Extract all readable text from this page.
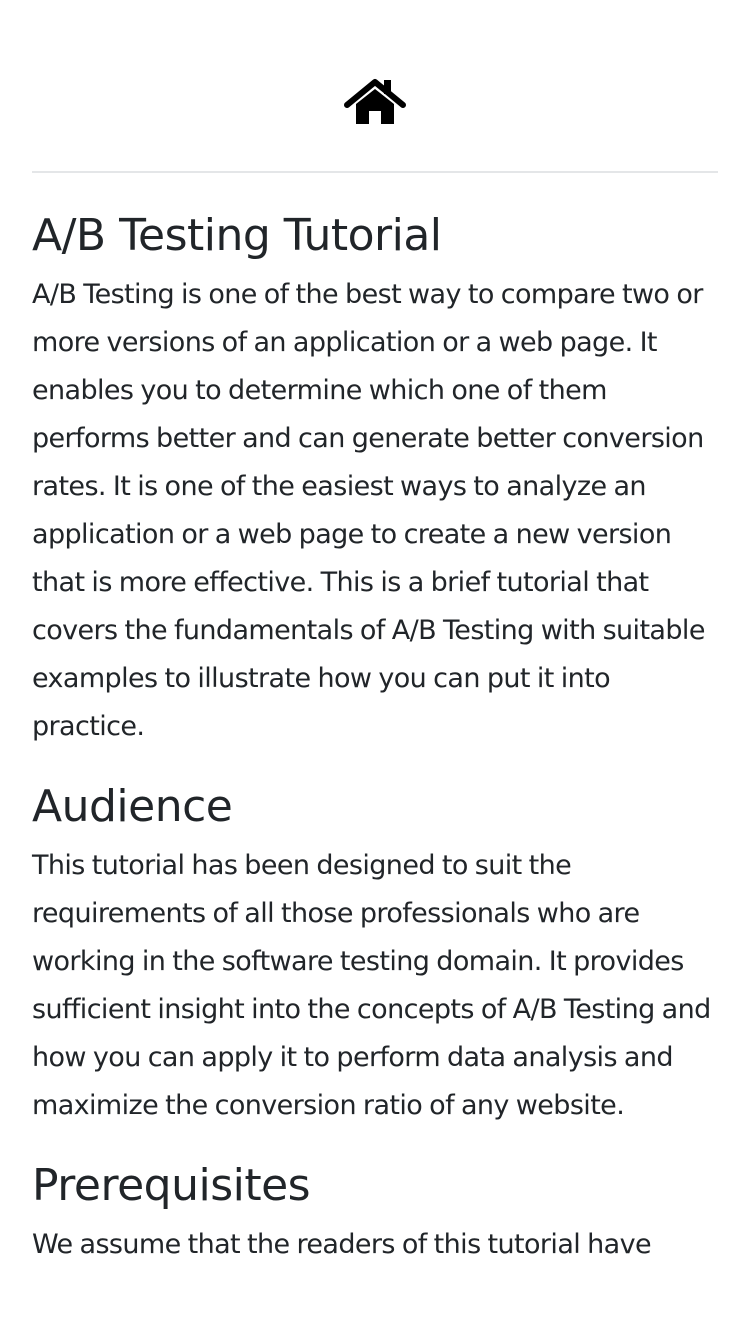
A/B Testing Tutorial

A/B Testing is one of the best way to compare two or more versions of an application or a web page. It enables you to determine which one of them performs better and can generate better conversion rates. It is one of the easiest ways to analyze an application or a web page to create a new version that is more effective. This is a brief tutorial that covers the fundamentals of A/B Testing with suitable examples to illustrate how you can put it into practice.

Audience

This tutorial has been designed to suit the requirements of all those professionals who are working in the software testing domain. It provides sufficient insight into the concepts of A/B Testing and how you can apply it to perform data analysis and maximize the conversion ratio of any website.

Prerequisites

We assume that the readers of this tutorial have
